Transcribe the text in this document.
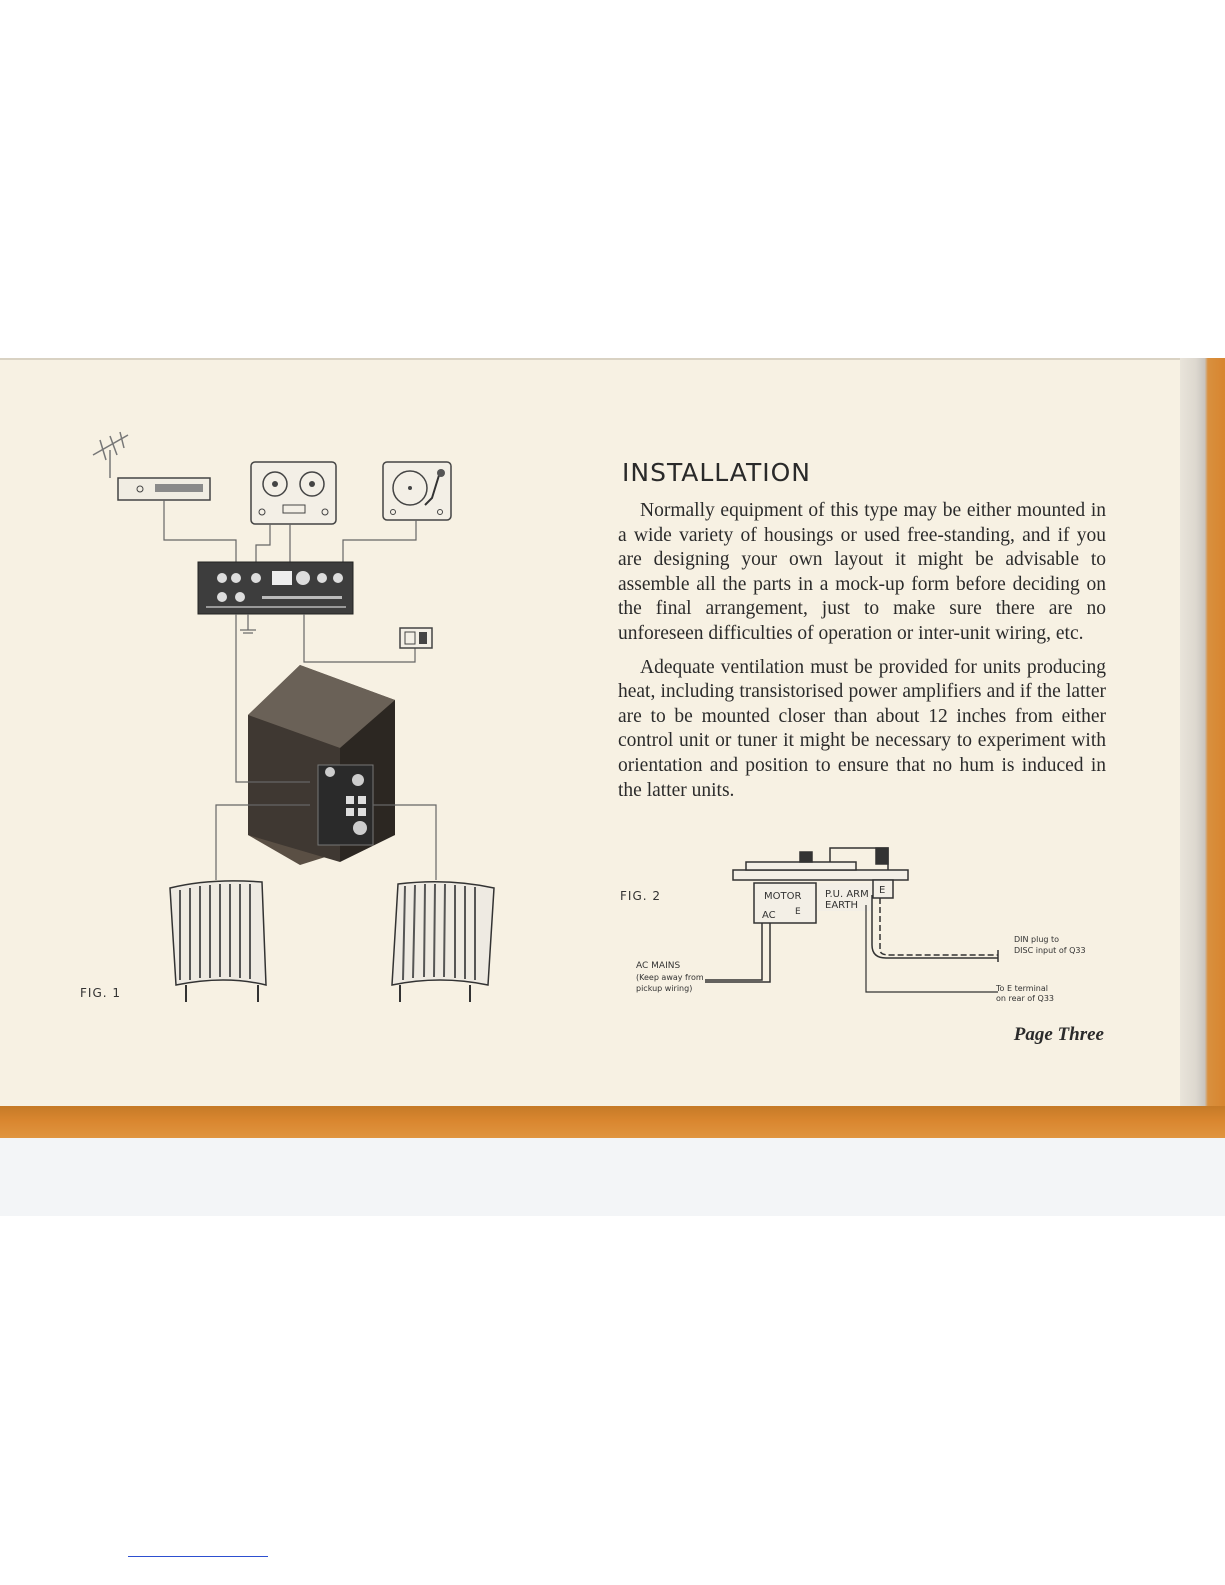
FIG. 1
INSTALLATION

Normally equipment of this type may be either mounted in a wide variety of housings or used free-standing, and if you are designing your own layout it might be advisable to assemble all the parts in a mock-up form before deciding on the final arrangement, just to make sure there are no unforeseen difficulties of operation or inter-unit wiring, etc.

Adequate ventilation must be provided for units producing heat, including transistorised power amplifiers and if the latter are to be mounted closer than about 12 inches from either control unit or tuner it might be necessary to experiment with orientation and position to ensure that no hum is induced in the latter units.

FIG. 2	MOTOR
AC E
P.U. ARM
EARTH
E
AC MAINS
(Keep away from
pickup wiring)
DIN plug to
DISC input of Q33
To E terminal
on rear of Q33
Page Three
